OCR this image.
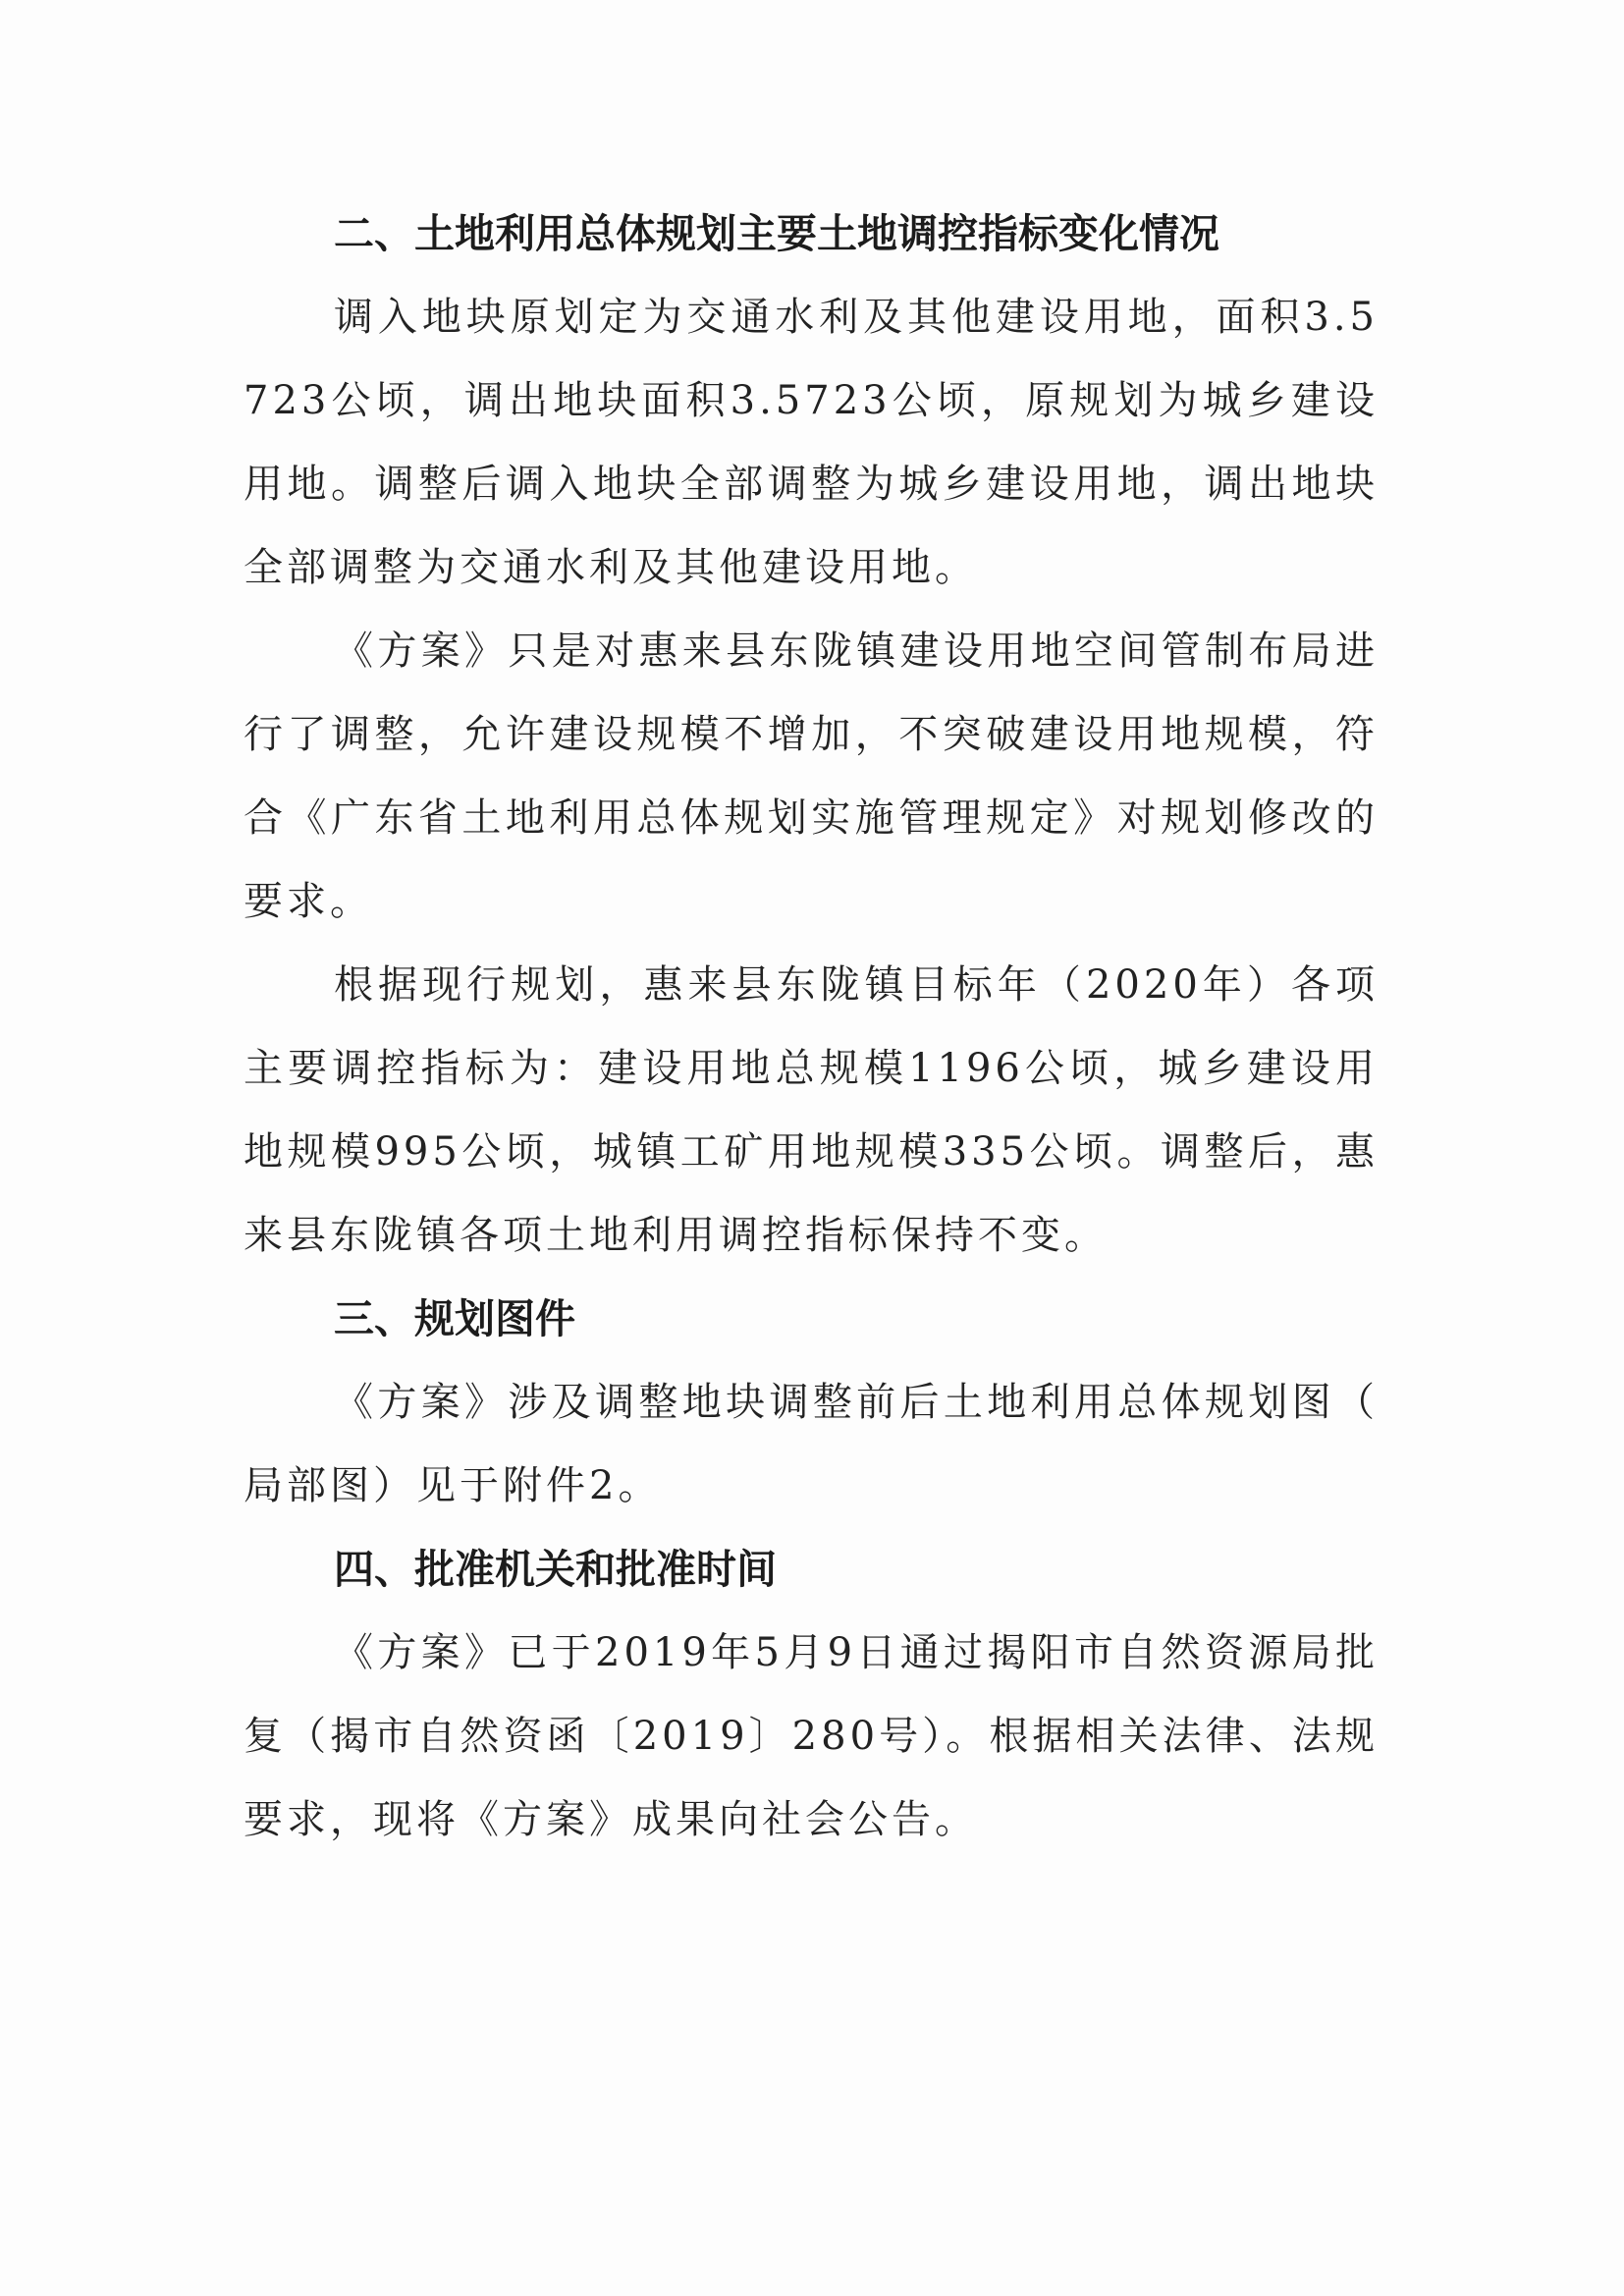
二、土地利用总体规划主要土地调控指标变化情况

调入地块原划定为交通水利及其他建设用地，面积3.5723公顷，调出地块面积3.5723公顷，原规划为城乡建设用地。调整后调入地块全部调整为城乡建设用地，调出地块全部调整为交通水利及其他建设用地。

《方案》只是对惠来县东陇镇建设用地空间管制布局进行了调整，允许建设规模不增加，不突破建设用地规模，符合《广东省土地利用总体规划实施管理规定》对规划修改的要求。

根据现行规划，惠来县东陇镇目标年（2020年）各项主要调控指标为：建设用地总规模1196公顷，城乡建设用地规模995公顷，城镇工矿用地规模335公顷。调整后，惠来县东陇镇各项土地利用调控指标保持不变。

三、规划图件

《方案》涉及调整地块调整前后土地利用总体规划图（局部图）见于附件2。

四、批准机关和批准时间

《方案》已于2019年5月9日通过揭阳市自然资源局批复（揭市自然资函〔2019〕280号）。根据相关法律、法规要求，现将《方案》成果向社会公告。
